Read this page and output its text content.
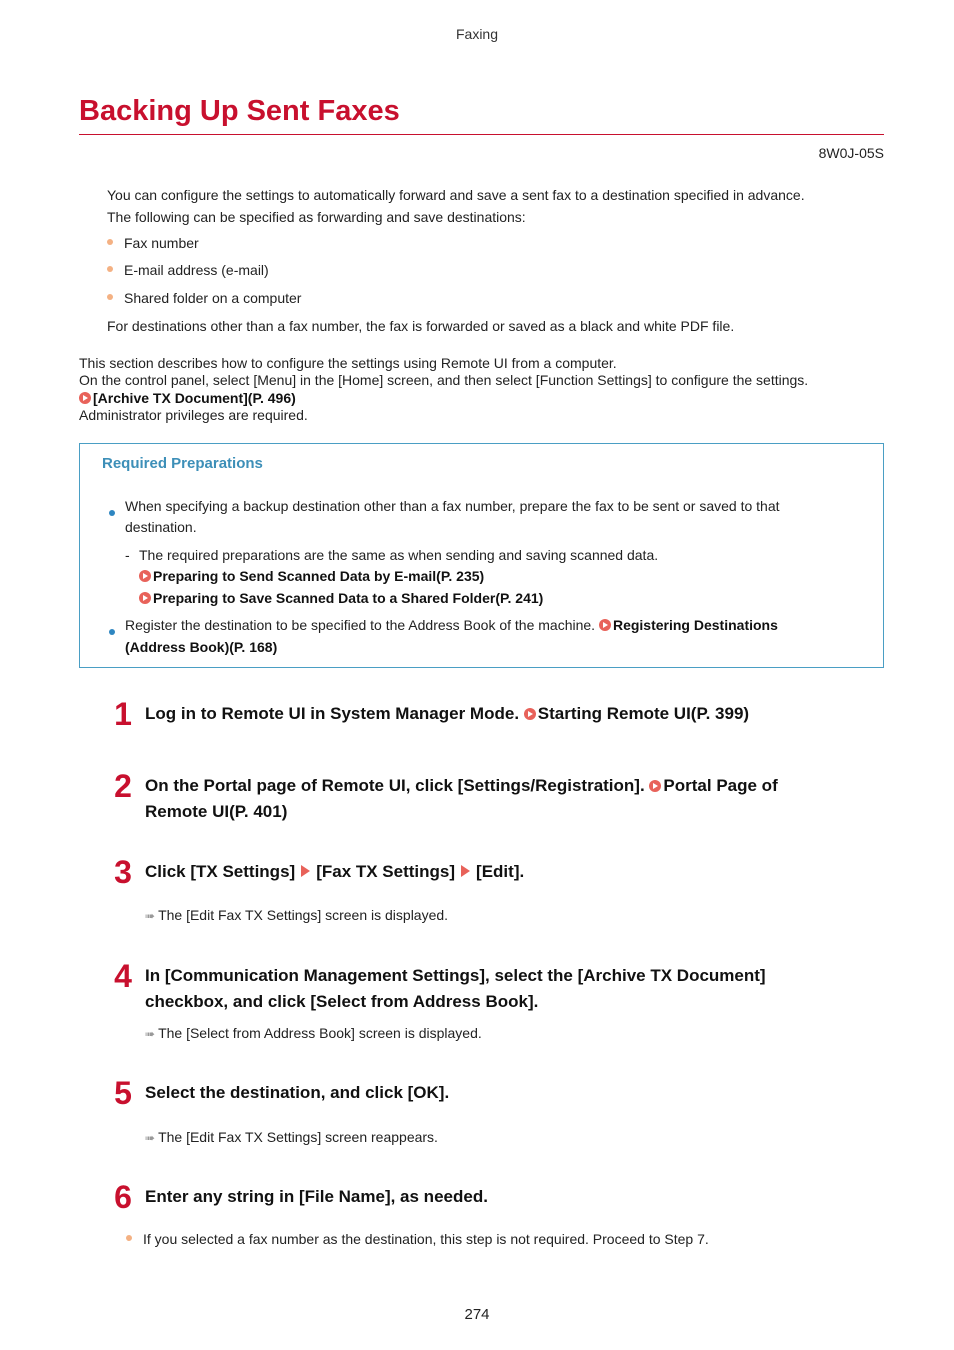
Faxing
Backing Up Sent Faxes
8W0J-05S
You can configure the settings to automatically forward and save a sent fax to a destination specified in advance.
The following can be specified as forwarding and save destinations:
Fax number
E-mail address (e-mail)
Shared folder on a computer
For destinations other than a fax number, the fax is forwarded or saved as a black and white PDF file.
This section describes how to configure the settings using Remote UI from a computer.
On the control panel, select [Menu] in the [Home] screen, and then select [Function Settings] to configure the settings.
[Archive TX Document](P. 496)
Administrator privileges are required.
Required Preparations
When specifying a backup destination other than a fax number, prepare the fax to be sent or saved to that
destination.
- The required preparations are the same as when sending and saving scanned data.
Preparing to Send Scanned Data by E-mail(P. 235)
Preparing to Save Scanned Data to a Shared Folder(P. 241)
Register the destination to be specified to the Address Book of the machine. Registering Destinations
(Address Book)(P. 168)
1 Log in to Remote UI in System Manager Mode. Starting Remote UI(P. 399)
2 On the Portal page of Remote UI, click [Settings/Registration]. Portal Page of
Remote UI(P. 401)
3 Click [TX Settings] [Fax TX Settings] [Edit].
➠ The [Edit Fax TX Settings] screen is displayed.
4 In [Communication Management Settings], select the [Archive TX Document]
checkbox, and click [Select from Address Book].
➠ The [Select from Address Book] screen is displayed.
5 Select the destination, and click [OK].
➠ The [Edit Fax TX Settings] screen reappears.
6 Enter any string in [File Name], as needed.
If you selected a fax number as the destination, this step is not required. Proceed to Step 7.
274
